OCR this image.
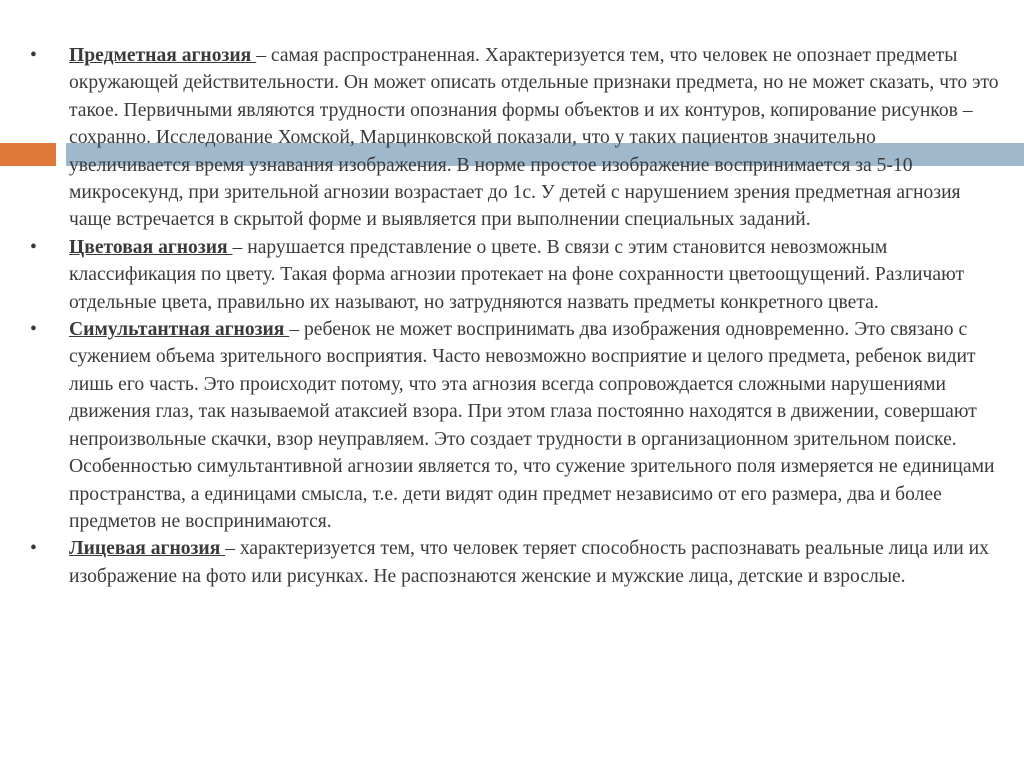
•	Предметная агнозия – самая распространенная. Характеризуется тем, что человек не опознает предметы окружающей действительности. Он может описать отдельные признаки предмета, но не может сказать, что это такое. Первичными являются трудности опознания формы объектов и их контуров, копирование рисунков – сохранно. Исследование Хомской, Марцинковской показали, что у таких пациентов значительно увеличивается время узнавания изображения. В норме простое изображение воспринимается за 5-10 микросекунд, при зрительной агнозии возрастает до 1с. У детей с нарушением зрения предметная агнозия чаще встречается в скрытой форме и выявляется при выполнении специальных заданий.
•	Цветовая агнозия – нарушается представление о цвете. В связи с этим становится невозможным классификация по цвету. Такая форма агнозии протекает на фоне сохранности цветоощущений. Различают отдельные цвета, правильно их называют, но затрудняются назвать предметы конкретного цвета.
•	Симультантная агнозия – ребенок не может воспринимать два изображения одновременно. Это связано с сужением объема зрительного восприятия. Часто невозможно восприятие и целого предмета, ребенок видит лишь его часть. Это происходит потому, что эта агнозия всегда сопровождается сложными нарушениями движения глаз, так называемой атаксией взора. При этом глаза постоянно находятся в движении, совершают непроизвольные скачки, взор неуправляем. Это создает трудности в организационном зрительном поиске. Особенностью симультантивной агнозии является то, что сужение зрительного поля измеряется не единицами пространства, а единицами смысла, т.е. дети видят один предмет независимо от его размера, два и более предметов не воспринимаются.
•	Лицевая агнозия – характеризуется тем, что человек теряет способность распознавать реальные лица или их изображение на фото или рисунках. Не распознаются женские и мужские лица, детские и взрослые.
